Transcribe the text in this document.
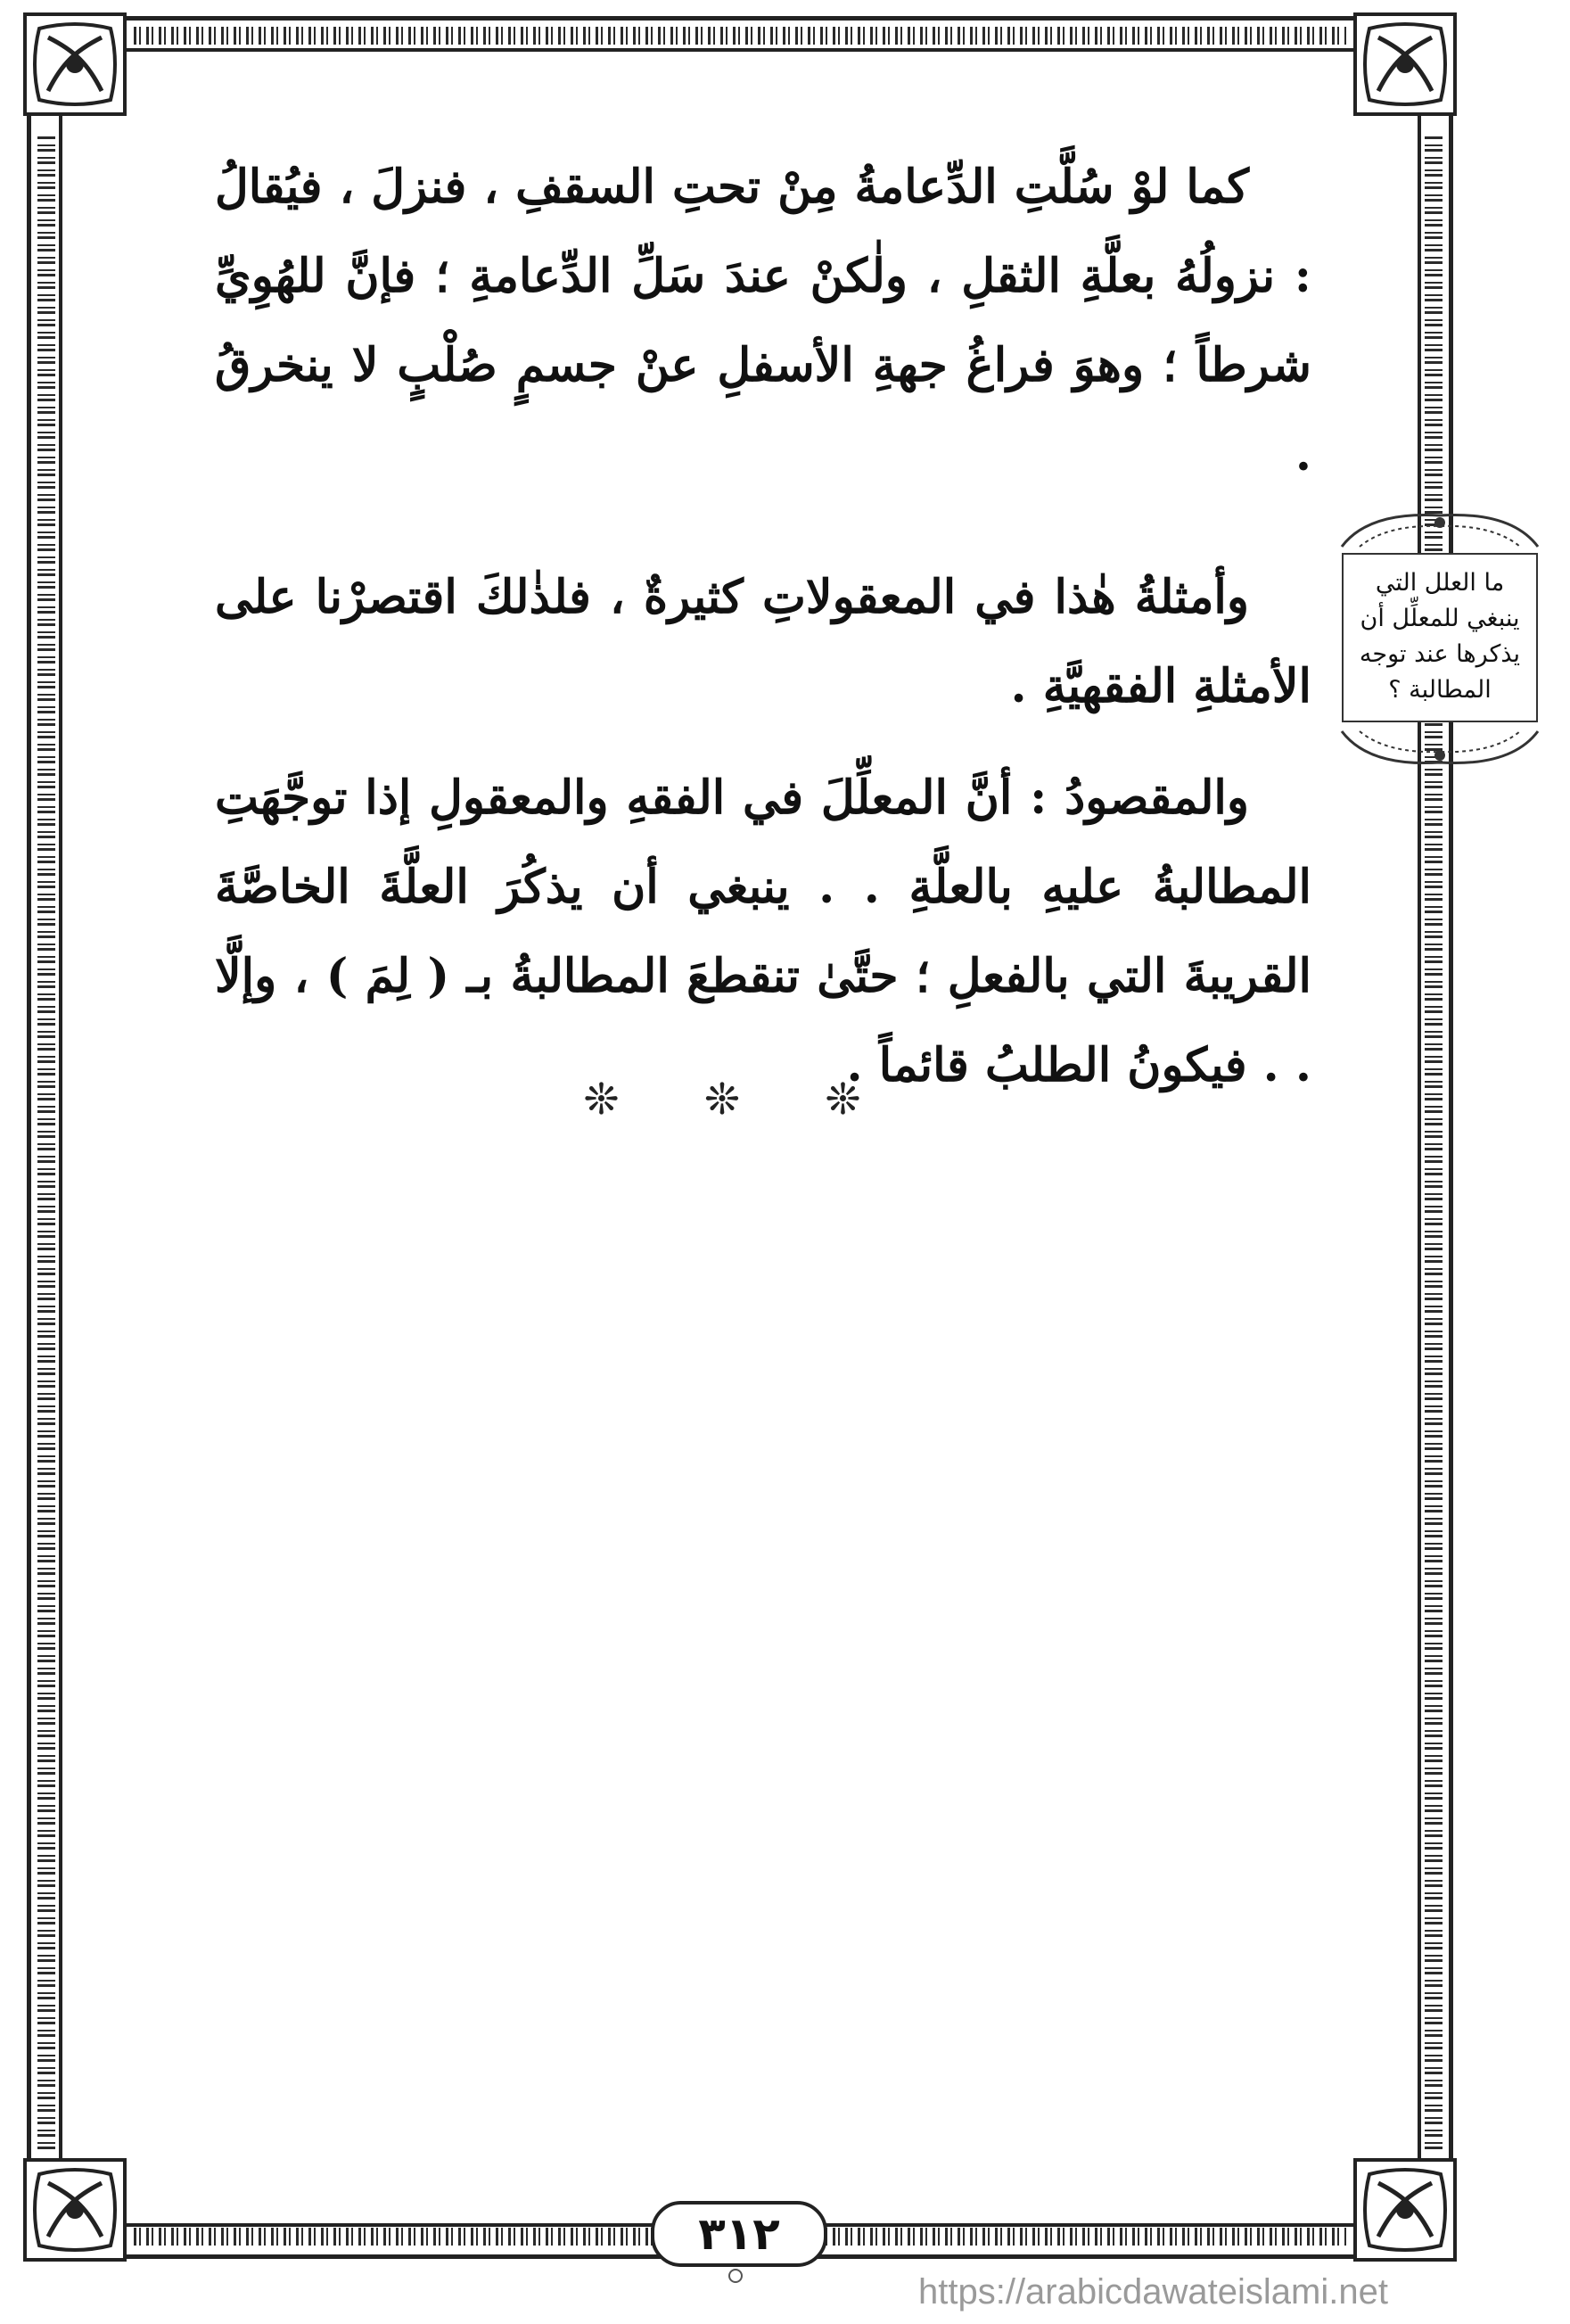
كما لوْ سُلَّتِ الدِّعامةُ مِنْ تحتِ السقفِ ، فنزلَ ، فيُقالُ : نزولُهُ بعلَّةِ الثقلِ ، ولٰكنْ عندَ سَلِّ الدِّعامةِ ؛ فإنَّ للهُوِيِّ شرطاً ؛ وهوَ فراغُ جهةِ الأسفلِ عنْ جسمٍ صُلْبٍ لا ينخرقُ .

وأمثلةُ هٰذا في المعقولاتِ كثيرةٌ ، فلذٰلكَ اقتصرْنا على الأمثلةِ الفقهيَّةِ .

والمقصودُ : أنَّ المعلِّلَ في الفقهِ والمعقولِ إذا توجَّهَتِ المطالبةُ عليهِ بالعلَّةِ . . ينبغي أن يذكُرَ العلَّةَ الخاصَّةَ القريبةَ التي بالفعلِ ؛ حتَّىٰ تنقطعَ المطالبةُ بـ ( لِمَ ) ، وإلَّا . . فيكونُ الطلبُ قائماً .

ما العلل التي
ينبغي للمعلِّل أن
يذكرها عند توجه
المطالبة ؟
❊ ❊ ❊
٣١٢
https://arabicdawateislami.net
